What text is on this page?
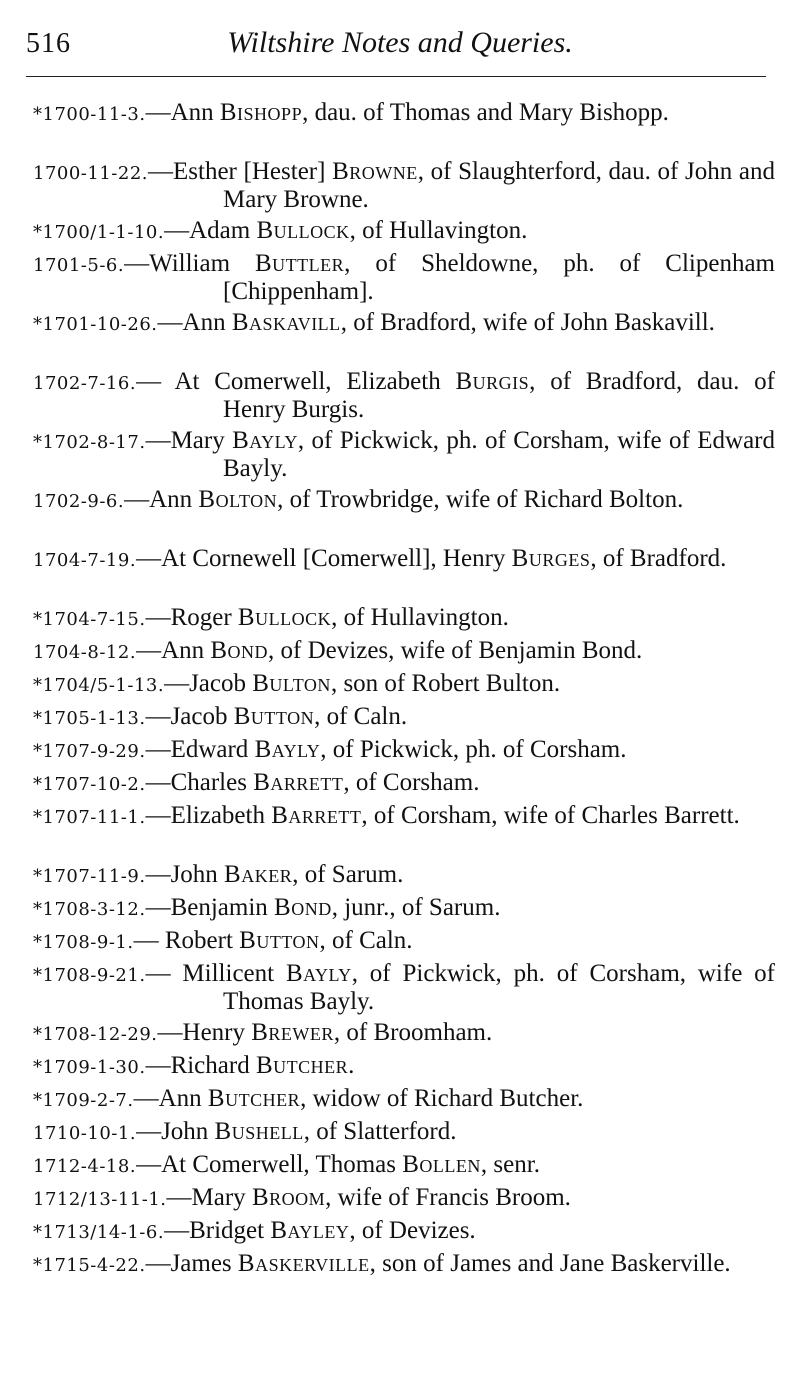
516	Wiltshire Notes and Queries.

*1700-11-3.—Ann Bishopp, dau. of Thomas and Mary Bishopp.

1700-11-22.—Esther [Hester] Browne, of Slaughterford, dau. of John and Mary Browne.

*1700/1-1-10.—Adam Bullock, of Hullavington.

1701-5-6.—William Buttler, of Sheldowne, ph. of Clipenham [Chippenham].

*1701-10-26.—Ann Baskavill, of Bradford, wife of John Baskavill.

1702-7-16.— At Comerwell, Elizabeth Burgis, of Bradford, dau. of Henry Burgis.

*1702-8-17.—Mary Bayly, of Pickwick, ph. of Corsham, wife of Edward Bayly.

1702-9-6.—Ann Bolton, of Trowbridge, wife of Richard Bolton.

1704-7-19.—At Cornewell [Comerwell], Henry Burges, of Bradford.

*1704-7-15.—Roger Bullock, of Hullavington.

1704-8-12.—Ann Bond, of Devizes, wife of Benjamin Bond.

*1704/5-1-13.—Jacob Bulton, son of Robert Bulton.

*1705-1-13.—Jacob Button, of Caln.

*1707-9-29.—Edward Bayly, of Pickwick, ph. of Corsham.

*1707-10-2.—Charles Barrett, of Corsham.

*1707-11-1.—Elizabeth Barrett, of Corsham, wife of Charles Barrett.

*1707-11-9.—John Baker, of Sarum.

*1708-3-12.—Benjamin Bond, junr., of Sarum.

*1708-9-1.— Robert Button, of Caln.

*1708-9-21.— Millicent Bayly, of Pickwick, ph. of Corsham, wife of Thomas Bayly.

*1708-12-29.—Henry Brewer, of Broomham.

*1709-1-30.—Richard Butcher.

*1709-2-7.—Ann Butcher, widow of Richard Butcher.

1710-10-1.—John Bushell, of Slatterford.

1712-4-18.—At Comerwell, Thomas Bollen, senr.

1712/13-11-1.—Mary Broom, wife of Francis Broom.

*1713/14-1-6.—Bridget Bayley, of Devizes.

*1715-4-22.—James Baskerville, son of James and Jane Baskerville.
